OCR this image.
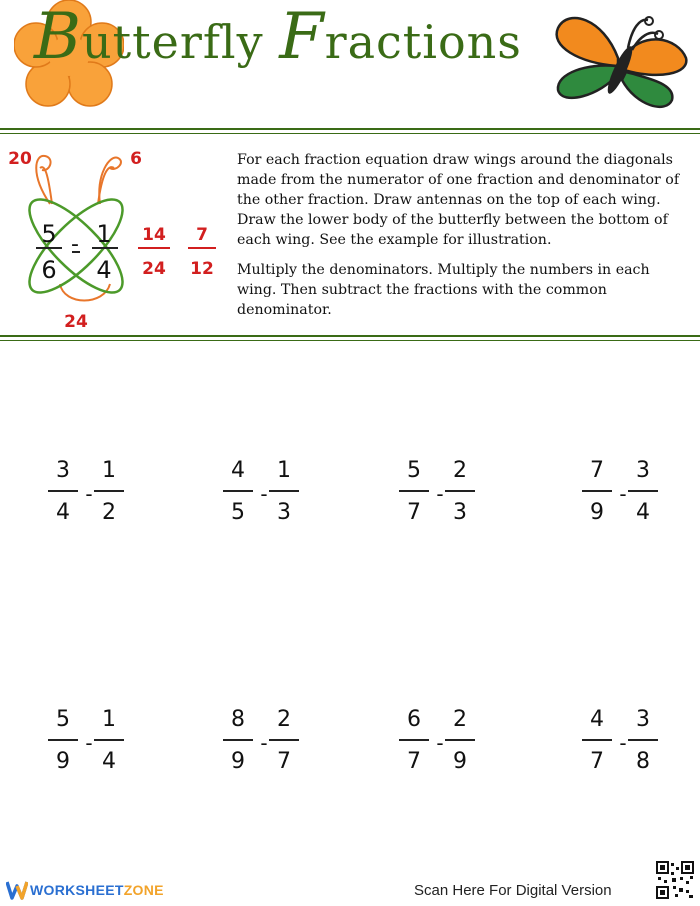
Butterfly Fractions
5
6
1
4
20	6
24
14
24
7
12
-

For each fraction equation draw wings around the diagonals made from the numerator of one fraction and denominator of the other fraction. Draw antennas on the top of each wing. Draw the lower body of the butterfly between the bottom of each wing. See the example for illustration.

Multiply the denominators. Multiply the numbers in each wing. Then subtract the fractions with the common denominator.

3
4
-
1
2
4
5
-
1
3
5
7
-
2
3
7
9
-
3
4
5
9
-
1
4
8
9
-
2
7
6
7
-
2
9
4
7
-
3
8
WORKSHEETZONE	Scan Here For Digital Version
